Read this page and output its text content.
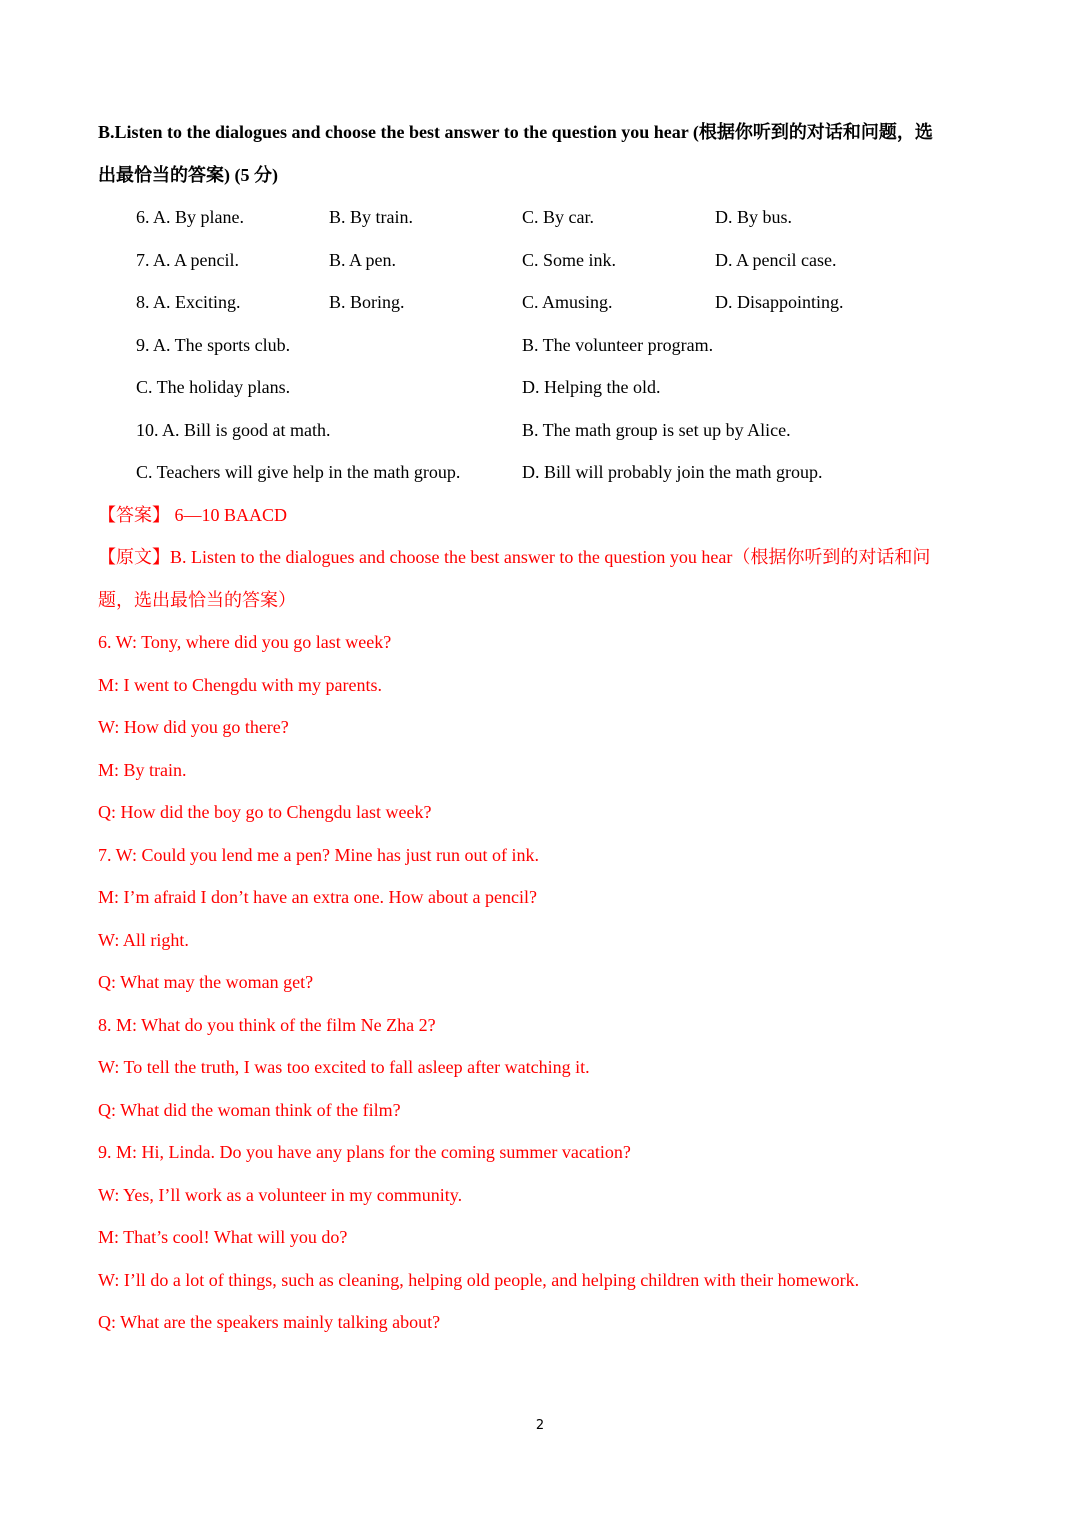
B.Listen to the dialogues and choose the best answer to the question you hear (根据你听到的对话和问题，选
出最恰当的答案) (5 分)
6. A. By plane.	B. By train.	C. By car.	D. By bus.
7. A. A pencil.	B. A pen.	C. Some ink.	D. A pencil case.
8. A. Exciting.	B. Boring.	C. Amusing.	D. Disappointing.
9. A. The sports club.	B. The volunteer program.
C. The holiday plans.	D. Helping the old.
10. A. Bill is good at math.	B. The math group is set up by Alice.
C. Teachers will give help in the math group.	D. Bill will probably join the math group.
【答案】 6—10 BAACD
【原文】B. Listen to the dialogues and choose the best answer to the question you hear（根据你听到的对话和问
题，选出最恰当的答案）
6. W: Tony, where did you go last week?
M: I went to Chengdu with my parents.
W: How did you go there?
M: By train.
Q: How did the boy go to Chengdu last week?
7. W: Could you lend me a pen? Mine has just run out of ink.
M: I’m afraid I don’t have an extra one. How about a pencil?
W: All right.
Q: What may the woman get?
8. M: What do you think of the film Ne Zha 2?
W: To tell the truth, I was too excited to fall asleep after watching it.
Q: What did the woman think of the film?
9. M: Hi, Linda. Do you have any plans for the coming summer vacation?
W: Yes, I’ll work as a volunteer in my community.
M: That’s cool! What will you do?
W: I’ll do a lot of things, such as cleaning, helping old people, and helping children with their homework.
Q: What are the speakers mainly talking about?
2
